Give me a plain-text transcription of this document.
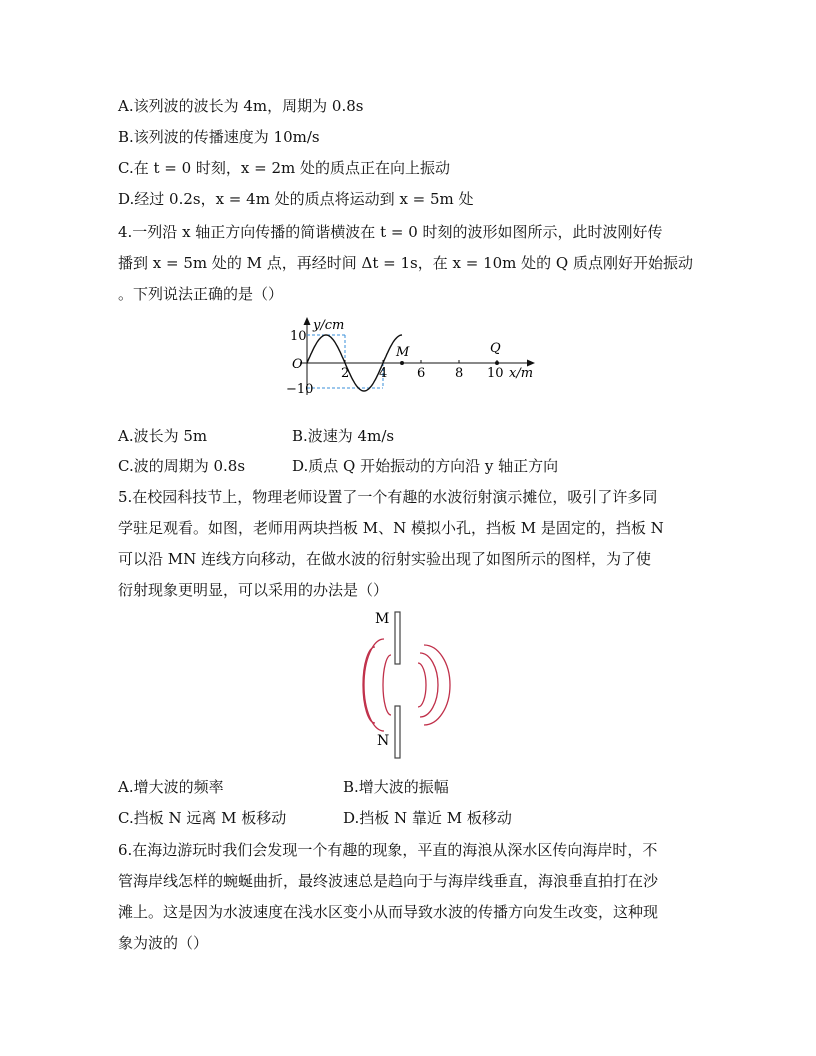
A.该列波的波长为 4m，周期为 0.8s
B.该列波的传播速度为 10m/s
C.在 t = 0 时刻，x = 2m 处的质点正在向上振动
D.经过 0.2s，x = 4m 处的质点将运动到 x = 5m 处
4.一列沿 x 轴正方向传播的简谐横波在 t = 0 时刻的波形如图所示，此时波刚好传
播到 x = 5m 处的 M 点，再经时间 Δt = 1s，在 x = 10m 处的 Q 质点刚好开始振动
。下列说法正确的是（）
y/cm
10
O
−10
2 4 6 8 10 x/m
M	Q
A.波长为 5m	B.波速为 4m/s
C.波的周期为 0.8s	D.质点 Q 开始振动的方向沿 y 轴正方向
5.在校园科技节上，物理老师设置了一个有趣的水波衍射演示摊位，吸引了许多同
学驻足观看。如图，老师用两块挡板 M、N 模拟小孔，挡板 M 是固定的，挡板 N
可以沿 MN 连线方向移动，在做水波的衍射实验出现了如图所示的图样，为了使
衍射现象更明显，可以采用的办法是（）
M
N
A.增大波的频率	B.增大波的振幅
C.挡板 N 远离 M 板移动	D.挡板 N 靠近 M 板移动
6.在海边游玩时我们会发现一个有趣的现象，平直的海浪从深水区传向海岸时，不
管海岸线怎样的蜿蜒曲折，最终波速总是趋向于与海岸线垂直，海浪垂直拍打在沙
滩上。这是因为水波速度在浅水区变小从而导致水波的传播方向发生改变，这种现
象为波的（）
